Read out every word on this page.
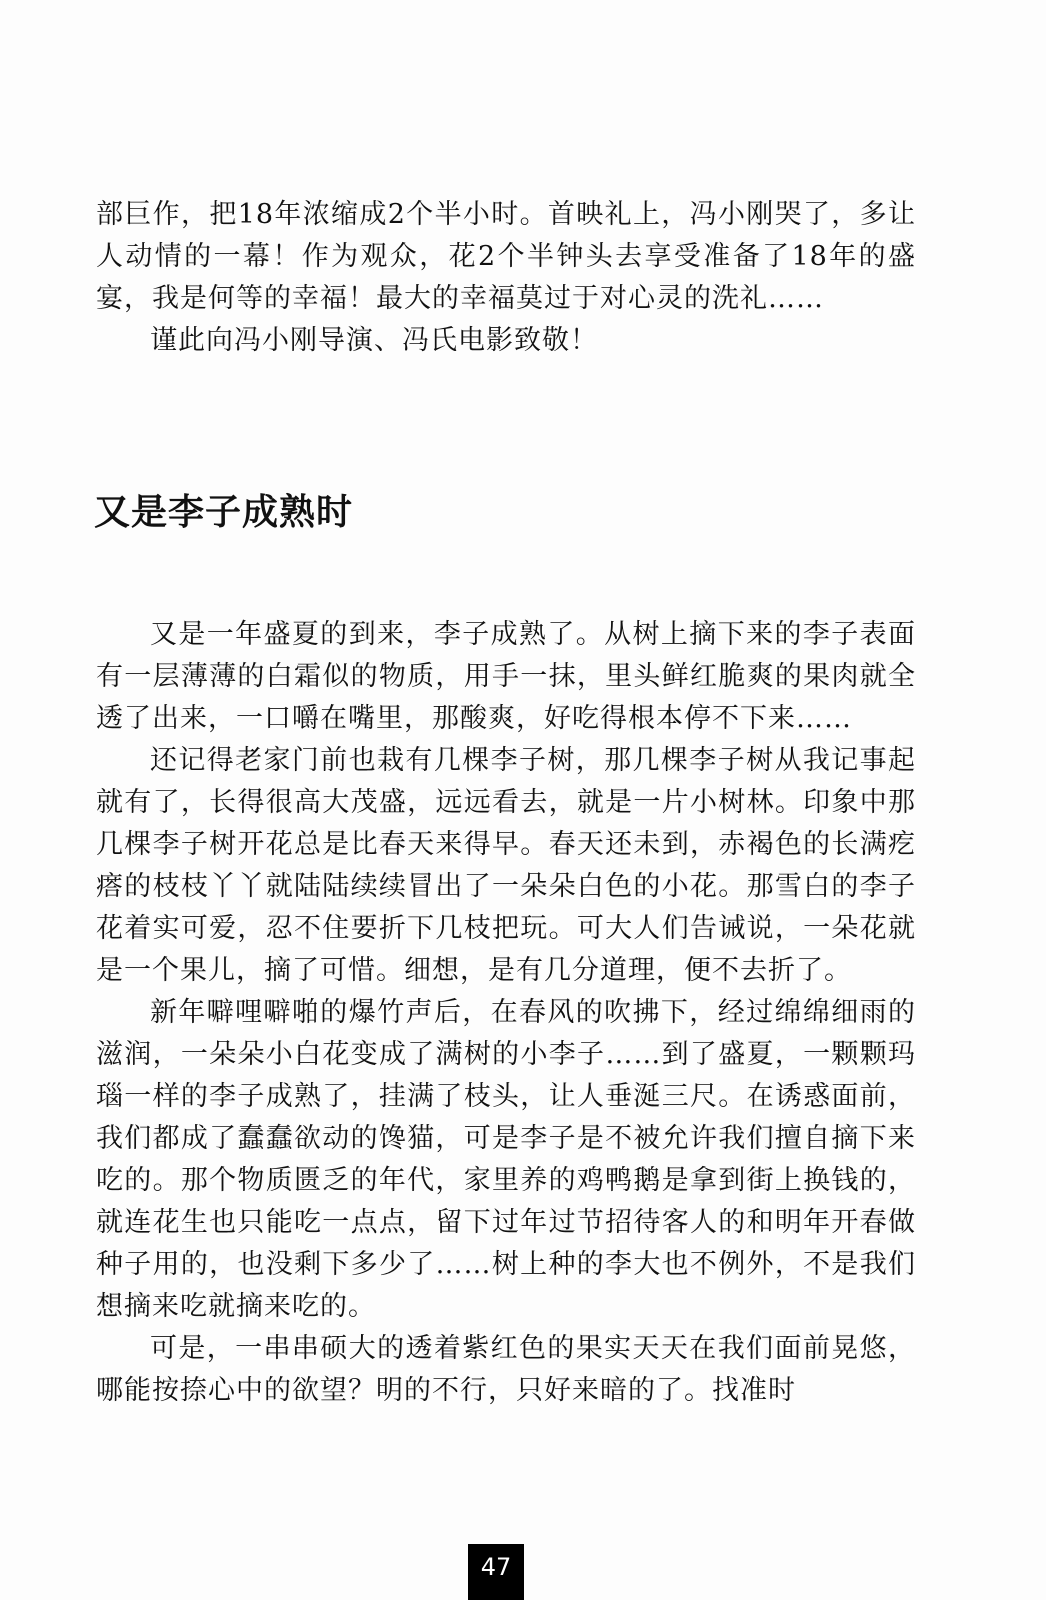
部巨作，把18年浓缩成2个半小时。首映礼上，冯小刚哭了，多让人动情的一幕！作为观众，花2个半钟头去享受准备了18年的盛宴，我是何等的幸福！最大的幸福莫过于对心灵的洗礼……

谨此向冯小刚导演、冯氏电影致敬！

又是李子成熟时

又是一年盛夏的到来，李子成熟了。从树上摘下来的李子表面有一层薄薄的白霜似的物质，用手一抹，里头鲜红脆爽的果肉就全透了出来，一口嚼在嘴里，那酸爽，好吃得根本停不下来……

还记得老家门前也栽有几棵李子树，那几棵李子树从我记事起就有了，长得很高大茂盛，远远看去，就是一片小树林。印象中那几棵李子树开花总是比春天来得早。春天还未到，赤褐色的长满疙瘩的枝枝丫丫就陆陆续续冒出了一朵朵白色的小花。那雪白的李子花着实可爱，忍不住要折下几枝把玩。可大人们告诫说，一朵花就是一个果儿，摘了可惜。细想，是有几分道理，便不去折了。

新年噼哩噼啪的爆竹声后，在春风的吹拂下，经过绵绵细雨的滋润，一朵朵小白花变成了满树的小李子……到了盛夏，一颗颗玛瑙一样的李子成熟了，挂满了枝头，让人垂涎三尺。在诱惑面前，我们都成了蠢蠢欲动的馋猫，可是李子是不被允许我们擅自摘下来吃的。那个物质匮乏的年代，家里养的鸡鸭鹅是拿到街上换钱的，就连花生也只能吃一点点，留下过年过节招待客人的和明年开春做种子用的，也没剩下多少了……树上种的李大也不例外，不是我们想摘来吃就摘来吃的。

可是，一串串硕大的透着紫红色的果实天天在我们面前晃悠，哪能按捺心中的欲望？明的不行，只好来暗的了。找准时

47
